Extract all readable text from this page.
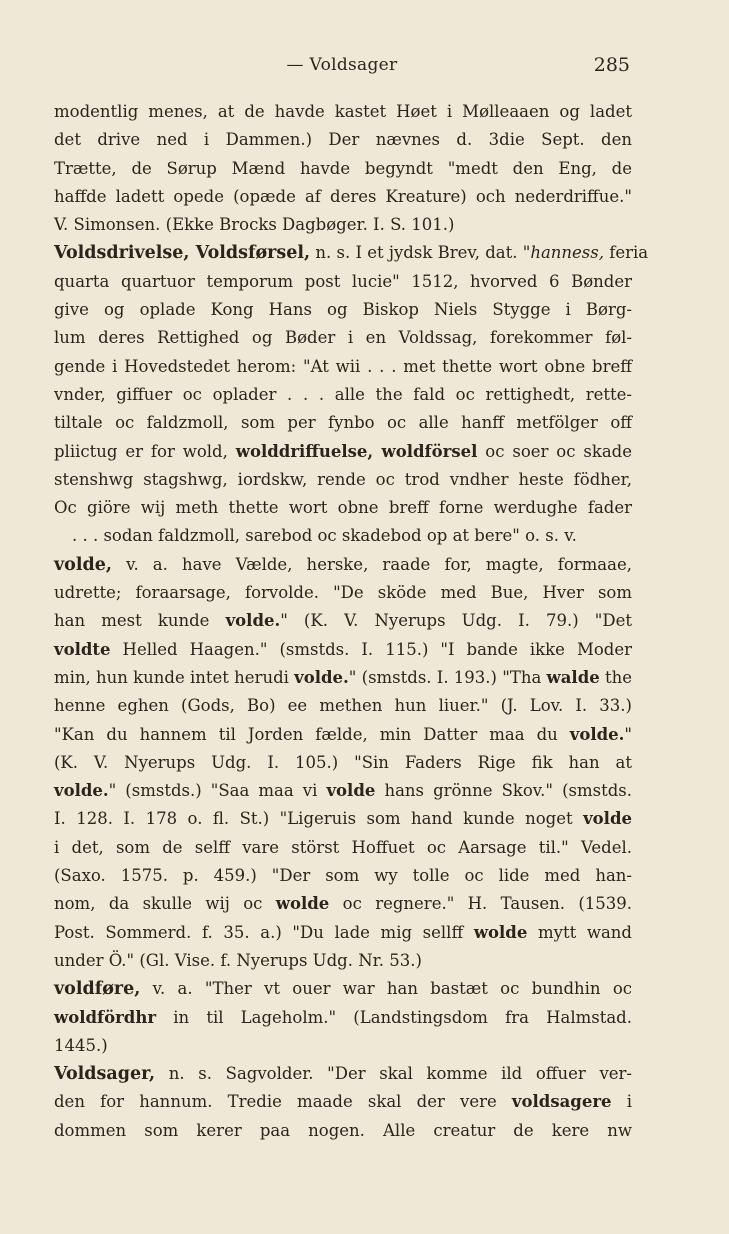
— Voldsager	285
modentlig menes, at de havde kastet Høet i Mølleaaen og ladet
det drive ned i Dammen.) Der nævnes d. 3die Sept. den
Trætte, de Sørup Mænd havde begyndt "medt den Eng, de
haffde ladett opede (opæde af deres Kreature) och nederdriffue."
V. Simonsen. (Ekke Brocks Dagbøger. I. S. 101.)
Voldsdrivelse, Voldsførsel, n. s. I et jydsk Brev, dat. "hanness, feria
quarta quartuor temporum post lucie" 1512, hvorved 6 Bønder
give og oplade Kong Hans og Biskop Niels Stygge i Børg-
lum deres Rettighed og Bøder i en Voldssag, forekommer føl-
gende i Hovedstedet herom: "At wii . . . met thette wort obne breff
vnder, giffuer oc oplader . . . alle the fald oc rettighedt, rette-
tiltale oc faldzmoll, som per fynbo oc alle hanff metfölger off
pliictug er for wold, wolddriffuelse, woldförsel oc soer oc skade
stenshwg stagshwg, iordskw, rende oc trod vndher heste födher,
Oc giöre wij meth thette wort obne breff forne werdughe fader
. . . sodan faldzmoll, sarebod oc skadebod op at bere" o. s. v.
volde, v. a. have Vælde, herske, raade for, magte, formaae,
udrette; foraarsage, forvolde. "De sköde med Bue, Hver som
han mest kunde volde." (K. V. Nyerups Udg. I. 79.) "Det
voldte Helled Haagen." (smstds. I. 115.) "I bande ikke Moder
min, hun kunde intet herudi volde." (smstds. I. 193.) "Tha walde the
henne eghen (Gods, Bo) ee methen hun liuer." (J. Lov. I. 33.)
"Kan du hannem til Jorden fælde, min Datter maa du volde."
(K. V. Nyerups Udg. I. 105.) "Sin Faders Rige fik han at
volde." (smstds.) "Saa maa vi volde hans grönne Skov." (smstds.
I. 128. I. 178 o. fl. St.) "Ligeruis som hand kunde noget volde
i det, som de selff vare störst Hoffuet oc Aarsage til." Vedel.
(Saxo. 1575. p. 459.) "Der som wy tolle oc lide med han-
nom, da skulle wij oc wolde oc regnere." H. Tausen. (1539.
Post. Sommerd. f. 35. a.) "Du lade mig sellff wolde mytt wand
under Ö." (Gl. Vise. f. Nyerups Udg. Nr. 53.)
voldføre, v. a. "Ther vt ouer war han bastæt oc bundhin oc
woldfördhr in til Lageholm." (Landstingsdom fra Halmstad.
1445.)
Voldsager, n. s. Sagvolder. "Der skal komme ild offuer ver-
den for hannum. Tredie maade skal der vere voldsagere i
dommen som kerer paa nogen. Alle creatur de kere nw
